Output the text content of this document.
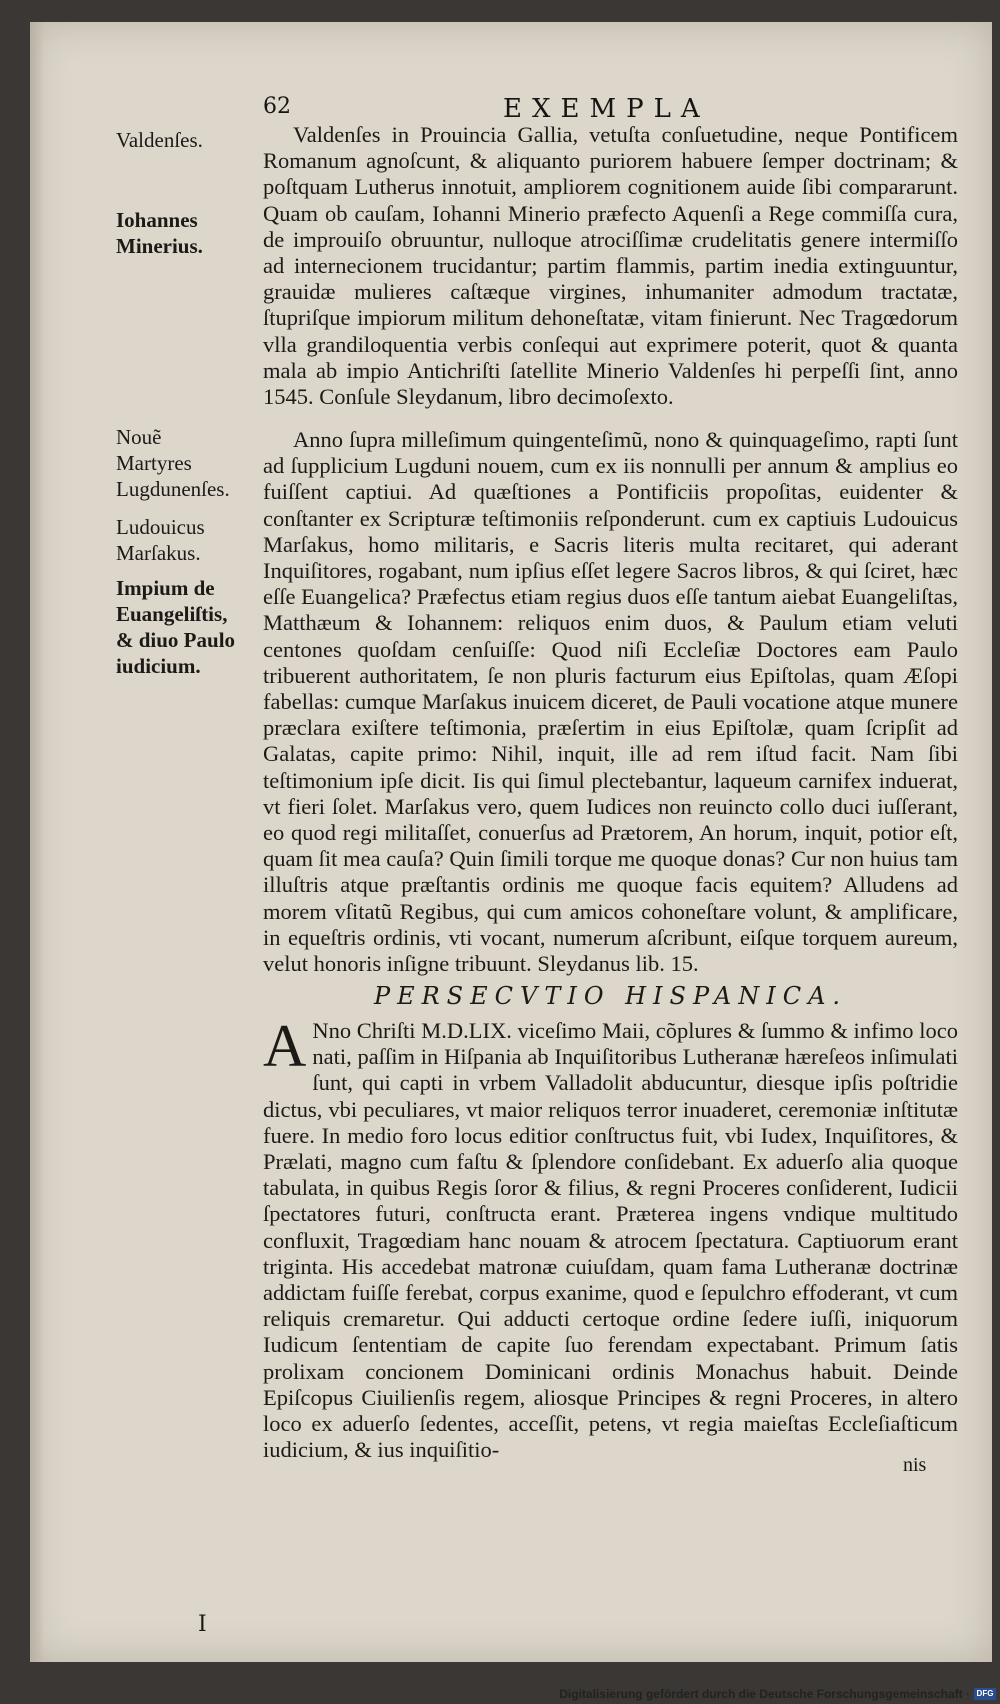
62	EXEMPLA
Valdenſes.
Iohannes Minerius.
Nouẽ Martyres Lugdunenſes.
Ludouicus Marſakus.
Impium de Euangeliſtis, & diuo Paulo iudicium.
Valdenſes in Prouincia Gallia, vetuſta conſuetudine, neque Pontificem Romanum agnoſcunt, & aliquanto puriorem habuere ſemper doctrinam; & poſtquam Lutherus innotuit, ampliorem cognitionem auide ſibi compararunt. Quam ob cauſam, Iohanni Minerio præfecto Aquenſi a Rege commiſſa cura, de improuiſo obruuntur, nulloque atrociſſimæ crudelitatis genere intermiſſo ad internecionem trucidantur; partim flammis, partim inedia extinguuntur, grauidæ mulieres caſtæque virgines, inhumaniter admodum tractatæ, ſtupriſque impiorum militum dehoneſtatæ, vitam finierunt. Nec Tragœdorum vlla grandiloquentia verbis conſequi aut exprimere poterit, quot & quanta mala ab impio Antichriſti ſatellite Minerio Valdenſes hi perpeſſi ſint, anno 1545. Conſule Sleydanum, libro decimoſexto.
Anno ſupra milleſimum quingenteſimũ, nono & quinquageſimo, rapti ſunt ad ſupplicium Lugduni nouem, cum ex iis nonnulli per annum & amplius eo fuiſſent captiui. Ad quæſtiones a Pontificiis propoſitas, euidenter & conſtanter ex Scripturæ teſtimoniis reſponderunt. cum ex captiuis Ludouicus Marſakus, homo militaris, e Sacris literis multa recitaret, qui aderant Inquiſitores, rogabant, num ipſius eſſet legere Sacros libros, & qui ſciret, hæc eſſe Euangelica? Præfectus etiam regius duos eſſe tantum aiebat Euangeliſtas, Matthæum & Iohannem: reliquos enim duos, & Paulum etiam veluti centones quoſdam cenſuiſſe: Quod niſi Eccleſiæ Doctores eam Paulo tribuerent authoritatem, ſe non pluris facturum eius Epiſtolas, quam Æſopi fabellas: cumque Marſakus inuicem diceret, de Pauli vocatione atque munere præclara exiſtere teſtimonia, præſertim in eius Epiſtolæ, quam ſcripſit ad Galatas, capite primo: Nihil, inquit, ille ad rem iſtud facit. Nam ſibi teſtimonium ipſe dicit. Iis qui ſimul plectebantur, laqueum carnifex induerat, vt fieri ſolet. Marſakus vero, quem Iudices non reuincto collo duci iuſſerant, eo quod regi militaſſet, conuerſus ad Prætorem, An horum, inquit, potior eſt, quam ſit mea cauſa? Quin ſimili torque me quoque donas? Cur non huius tam illuſtris atque præſtantis ordinis me quoque facis equitem? Alludens ad morem vſitatũ Regibus, qui cum amicos cohoneſtare volunt, & amplificare, in equeſtris ordinis, vti vocant, numerum aſcribunt, eiſque torquem aureum, velut honoris inſigne tribuunt. Sleydanus lib. 15.
PERSECVTIO HISPANICA.
A Nno Chriſti M.D.LIX. viceſimo Maii, cõplures & ſummo & infimo loco nati, paſſim in Hiſpania ab Inquiſitoribus Lutheranæ hæreſeos inſimulati ſunt, qui capti in vrbem Valladolit abducuntur, diesque ipſis poſtridie dictus, vbi peculiares, vt maior reliquos terror inuaderet, ceremoniæ inſtitutæ fuere. In medio foro locus editior conſtructus fuit, vbi Iudex, Inquiſitores, & Prælati, magno cum faſtu & ſplendore conſidebant. Ex aduerſo alia quoque tabulata, in quibus Regis ſoror & filius, & regni Proceres conſiderent, Iudicii ſpectatores futuri, conſtructa erant. Præterea ingens vndique multitudo confluxit, Tragœdiam hanc nouam & atrocem ſpectatura. Captiuorum erant triginta. His accedebat matronæ cuiuſdam, quam fama Lutheranæ doctrinæ addictam fuiſſe ferebat, corpus exanime, quod e ſepulchro effoderant, vt cum reliquis cremaretur. Qui adducti certoque ordine ſedere iuſſi, iniquorum Iudicum ſententiam de capite ſuo ferendam expectabant. Primum ſatis prolixam concionem Dominicani ordinis Monachus habuit. Deinde Epiſcopus Ciuilienſis regem, aliosque Principes & regni Proceres, in altero loco ex aduerſo ſedentes, acceſſit, petens, vt regia maieſtas Eccleſiaſticum iudicium, & ius inquiſitio-
nis
I
Digitalisierung gefördert durch die Deutsche Forschungsgemeinschaft · DFG
